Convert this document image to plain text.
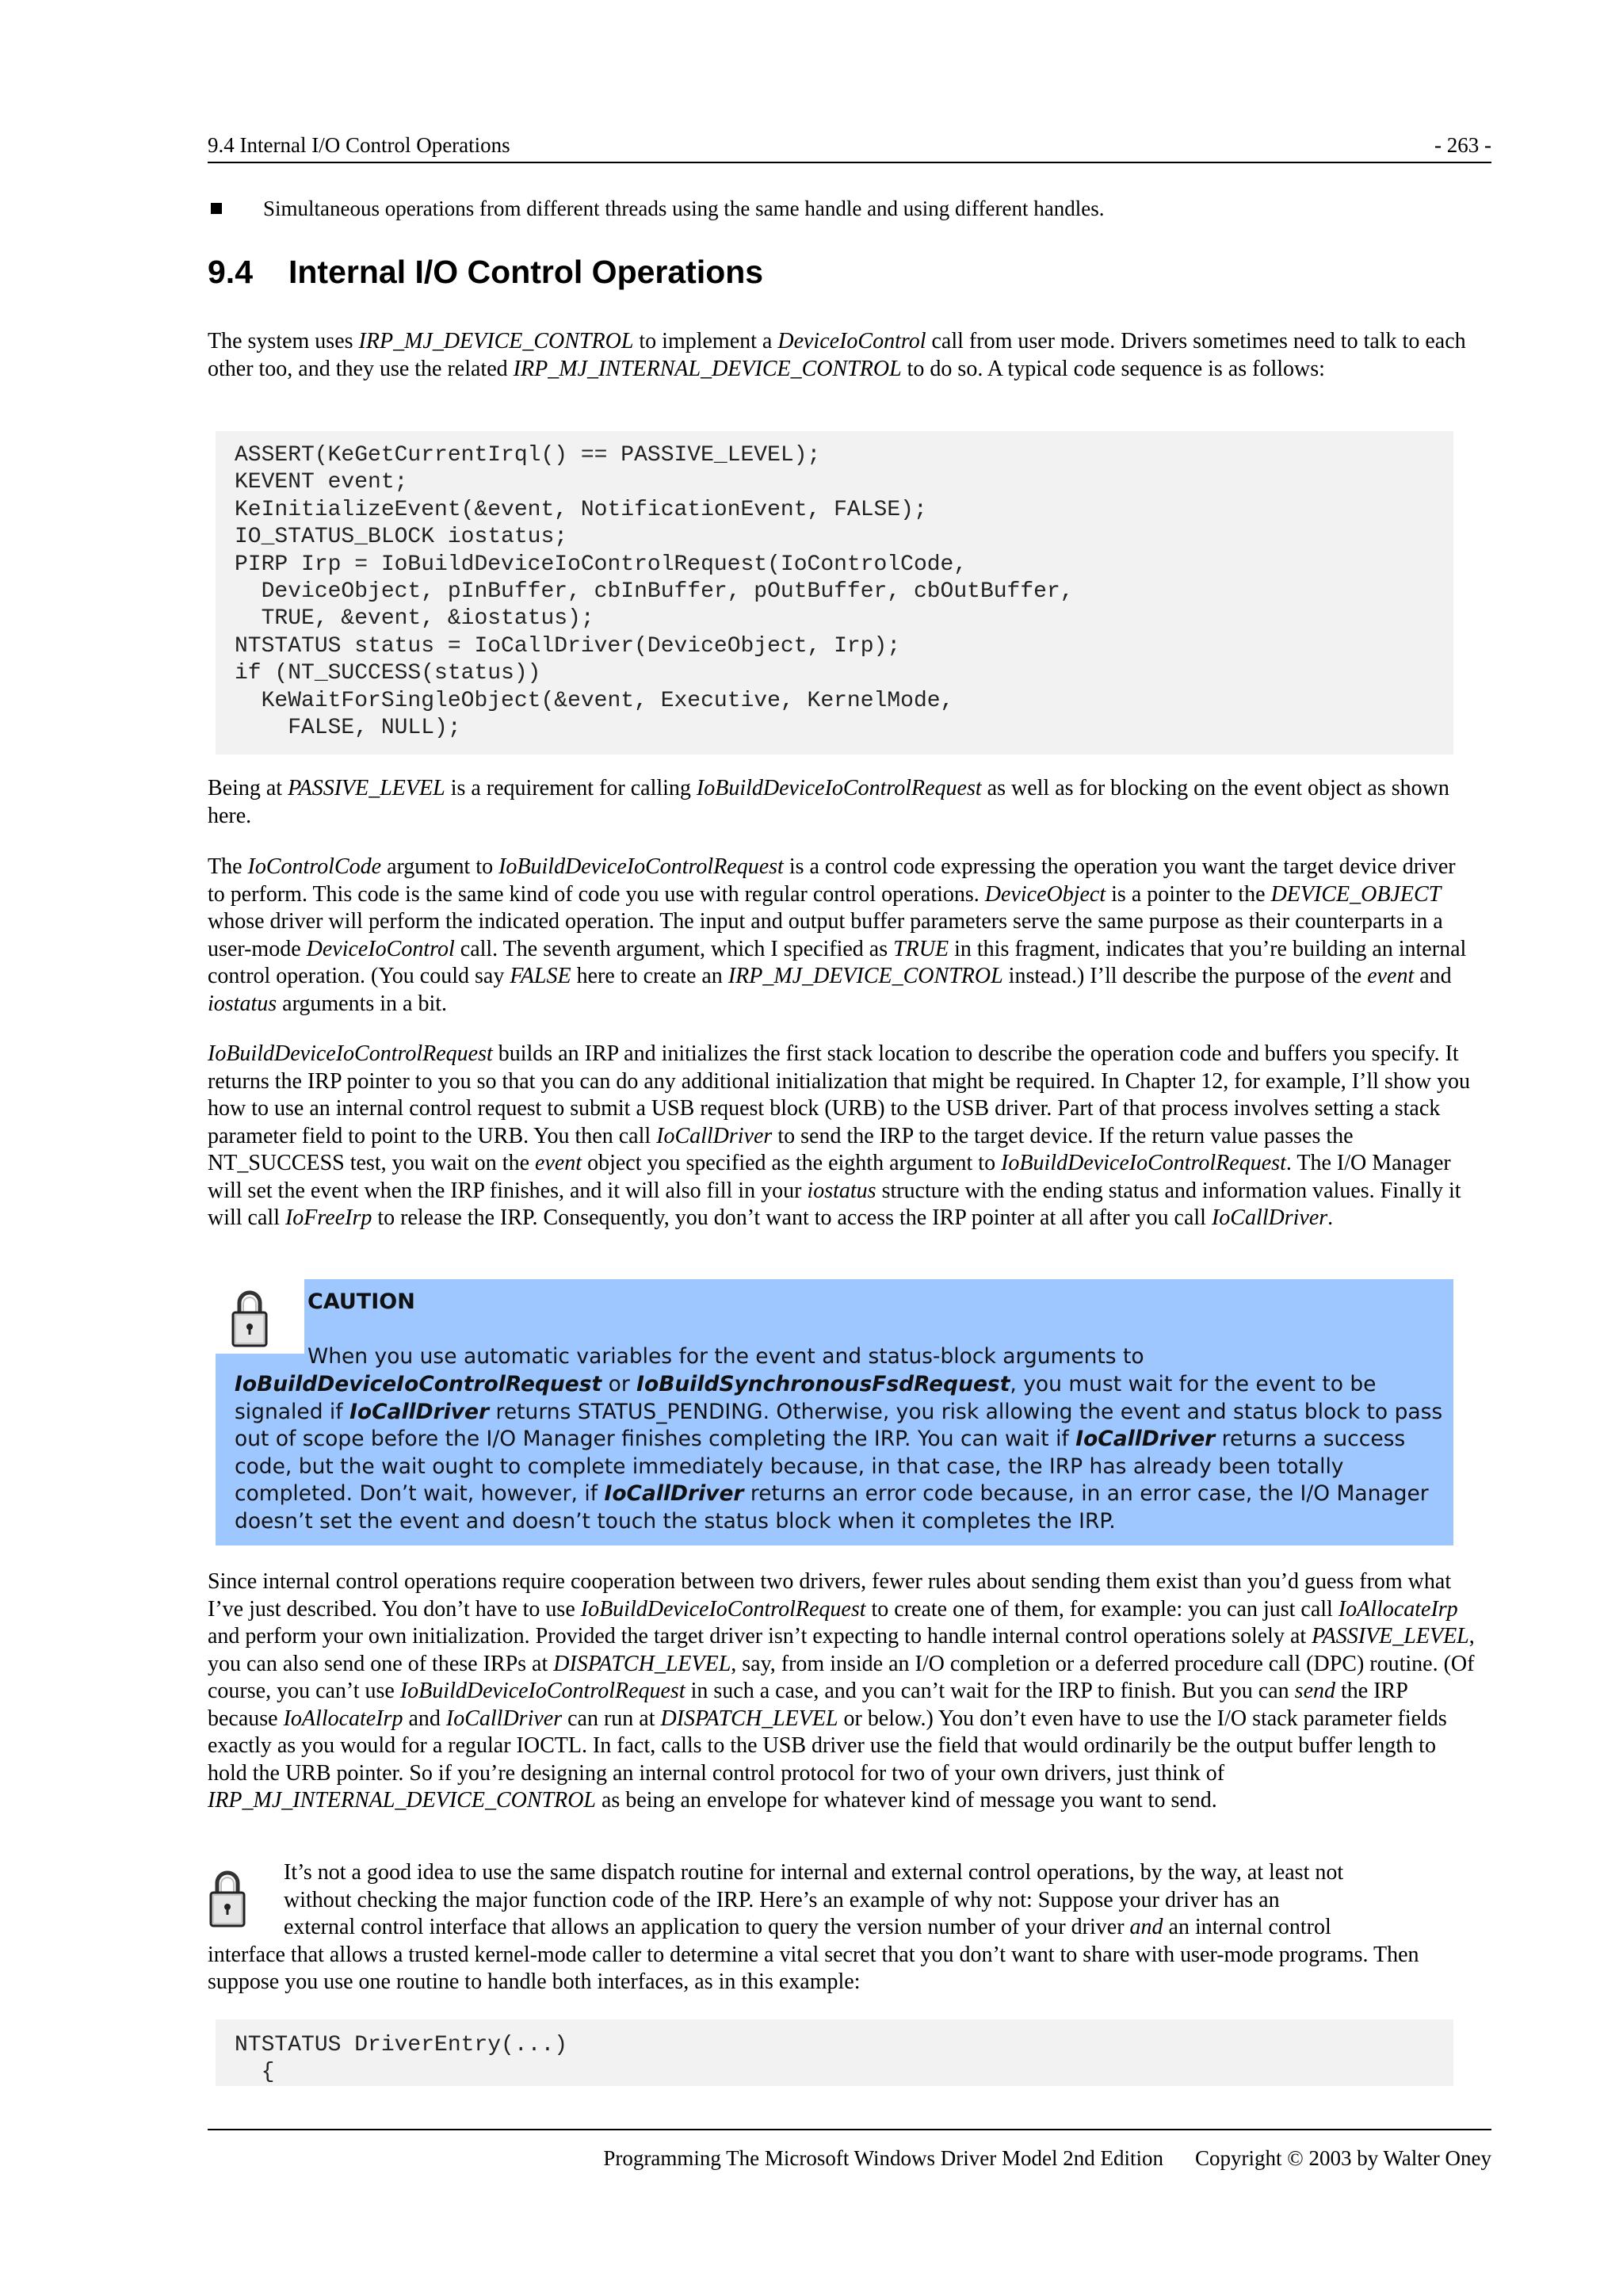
9.4 Internal I/O Control Operations	- 263 -
Simultaneous operations from different threads using the same handle and using different handles.
9.4 Internal I/O Control Operations

The system uses IRP_MJ_DEVICE_CONTROL to implement a DeviceIoControl call from user mode. Drivers sometimes need to talk to each other too, and they use the related IRP_MJ_INTERNAL_DEVICE_CONTROL to do so. A typical code sequence is as follows:

ASSERT(KeGetCurrentIrql() == PASSIVE_LEVEL);
KEVENT event;
KeInitializeEvent(&event, NotificationEvent, FALSE);
IO_STATUS_BLOCK iostatus;
PIRP Irp = IoBuildDeviceIoControlRequest(IoControlCode,
DeviceObject, pInBuffer, cbInBuffer, pOutBuffer, cbOutBuffer,
TRUE, &event, &iostatus);
NTSTATUS status = IoCallDriver(DeviceObject, Irp);
if (NT_SUCCESS(status))
KeWaitForSingleObject(&event, Executive, KernelMode,
FALSE, NULL);

Being at PASSIVE_LEVEL is a requirement for calling IoBuildDeviceIoControlRequest as well as for blocking on the event object as shown here.

The IoControlCode argument to IoBuildDeviceIoControlRequest is a control code expressing the operation you want the target device driver to perform. This code is the same kind of code you use with regular control operations. DeviceObject is a pointer to the DEVICE_OBJECT whose driver will perform the indicated operation. The input and output buffer parameters serve the same purpose as their counterparts in a user-mode DeviceIoControl call. The seventh argument, which I specified as TRUE in this fragment, indicates that you’re building an internal control operation. (You could say FALSE here to create an IRP_MJ_DEVICE_CONTROL instead.) I’ll describe the purpose of the event and iostatus arguments in a bit.

IoBuildDeviceIoControlRequest builds an IRP and initializes the first stack location to describe the operation code and buffers you specify. It returns the IRP pointer to you so that you can do any additional initialization that might be required. In Chapter 12, for example, I’ll show you how to use an internal control request to submit a USB request block (URB) to the USB driver. Part of that process involves setting a stack parameter field to point to the URB. You then call IoCallDriver to send the IRP to the target device. If the return value passes the NT_SUCCESS test, you wait on the event object you specified as the eighth argument to IoBuildDeviceIoControlRequest. The I/O Manager will set the event when the IRP finishes, and it will also fill in your iostatus structure with the ending status and information values. Finally it will call IoFreeIrp to release the IRP. Consequently, you don’t want to access the IRP pointer at all after you call IoCallDriver.

CAUTION
When you use automatic variables for the event and status-block arguments to
IoBuildDeviceIoControlRequest or IoBuildSynchronousFsdRequest, you must wait for the event to be signaled if IoCallDriver returns STATUS_PENDING. Otherwise, you risk allowing the event and status block to pass out of scope before the I/O Manager finishes completing the IRP. You can wait if IoCallDriver returns a success code, but the wait ought to complete immediately because, in that case, the IRP has already been totally completed. Don’t wait, however, if IoCallDriver returns an error code because, in an error case, the I/O Manager doesn’t set the event and doesn’t touch the status block when it completes the IRP.

Since internal control operations require cooperation between two drivers, fewer rules about sending them exist than you’d guess from what I’ve just described. You don’t have to use IoBuildDeviceIoControlRequest to create one of them, for example: you can just call IoAllocateIrp and perform your own initialization. Provided the target driver isn’t expecting to handle internal control operations solely at PASSIVE_LEVEL, you can also send one of these IRPs at DISPATCH_LEVEL, say, from inside an I/O completion or a deferred procedure call (DPC) routine. (Of course, you can’t use IoBuildDeviceIoControlRequest in such a case, and you can’t wait for the IRP to finish. But you can send the IRP because IoAllocateIrp and IoCallDriver can run at DISPATCH_LEVEL or below.) You don’t even have to use the I/O stack parameter fields exactly as you would for a regular IOCTL. In fact, calls to the USB driver use the field that would ordinarily be the output buffer length to hold the URB pointer. So if you’re designing an internal control protocol for two of your own drivers, just think of IRP_MJ_INTERNAL_DEVICE_CONTROL as being an envelope for whatever kind of message you want to send.

It’s not a good idea to use the same dispatch routine for internal and external control operations, by the way, at least not
without checking the major function code of the IRP. Here’s an example of why not: Suppose your driver has an
external control interface that allows an application to query the version number of your driver and an internal control
interface that allows a trusted kernel-mode caller to determine a vital secret that you don’t want to share with user-mode programs. Then suppose you use one routine to handle both interfaces, as in this example:
NTSTATUS DriverEntry(...)
{
Programming The Microsoft Windows Driver Model 2nd Edition Copyright © 2003 by Walter Oney
